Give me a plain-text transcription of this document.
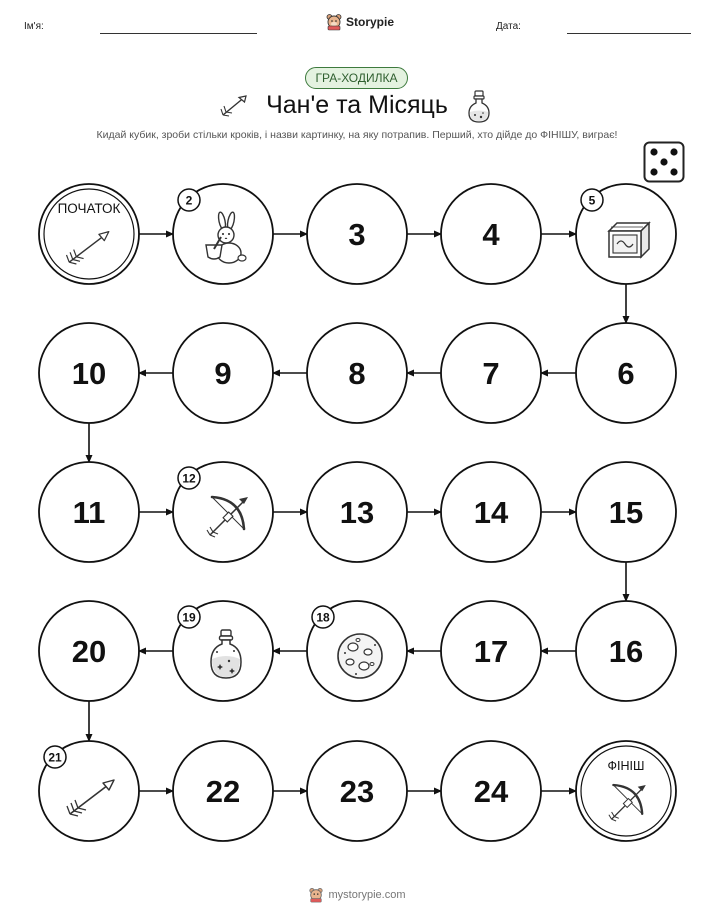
Ім'я:	Storypie	Дата:
ГРА-ХОДИЛКА
Чан'е та Місяць
Кидай кубик, зроби стільки кроків, і назви картинку, на яку потрапив. Перший, хто дійде до ФІНІШУ, виграє!
ПОЧАТОК
2
3	4
5
6
7
8
9
10
11
12
13	14	15
16
17
18
19
20
21
22	23	24
ФІНІШ
mystorypie.com
